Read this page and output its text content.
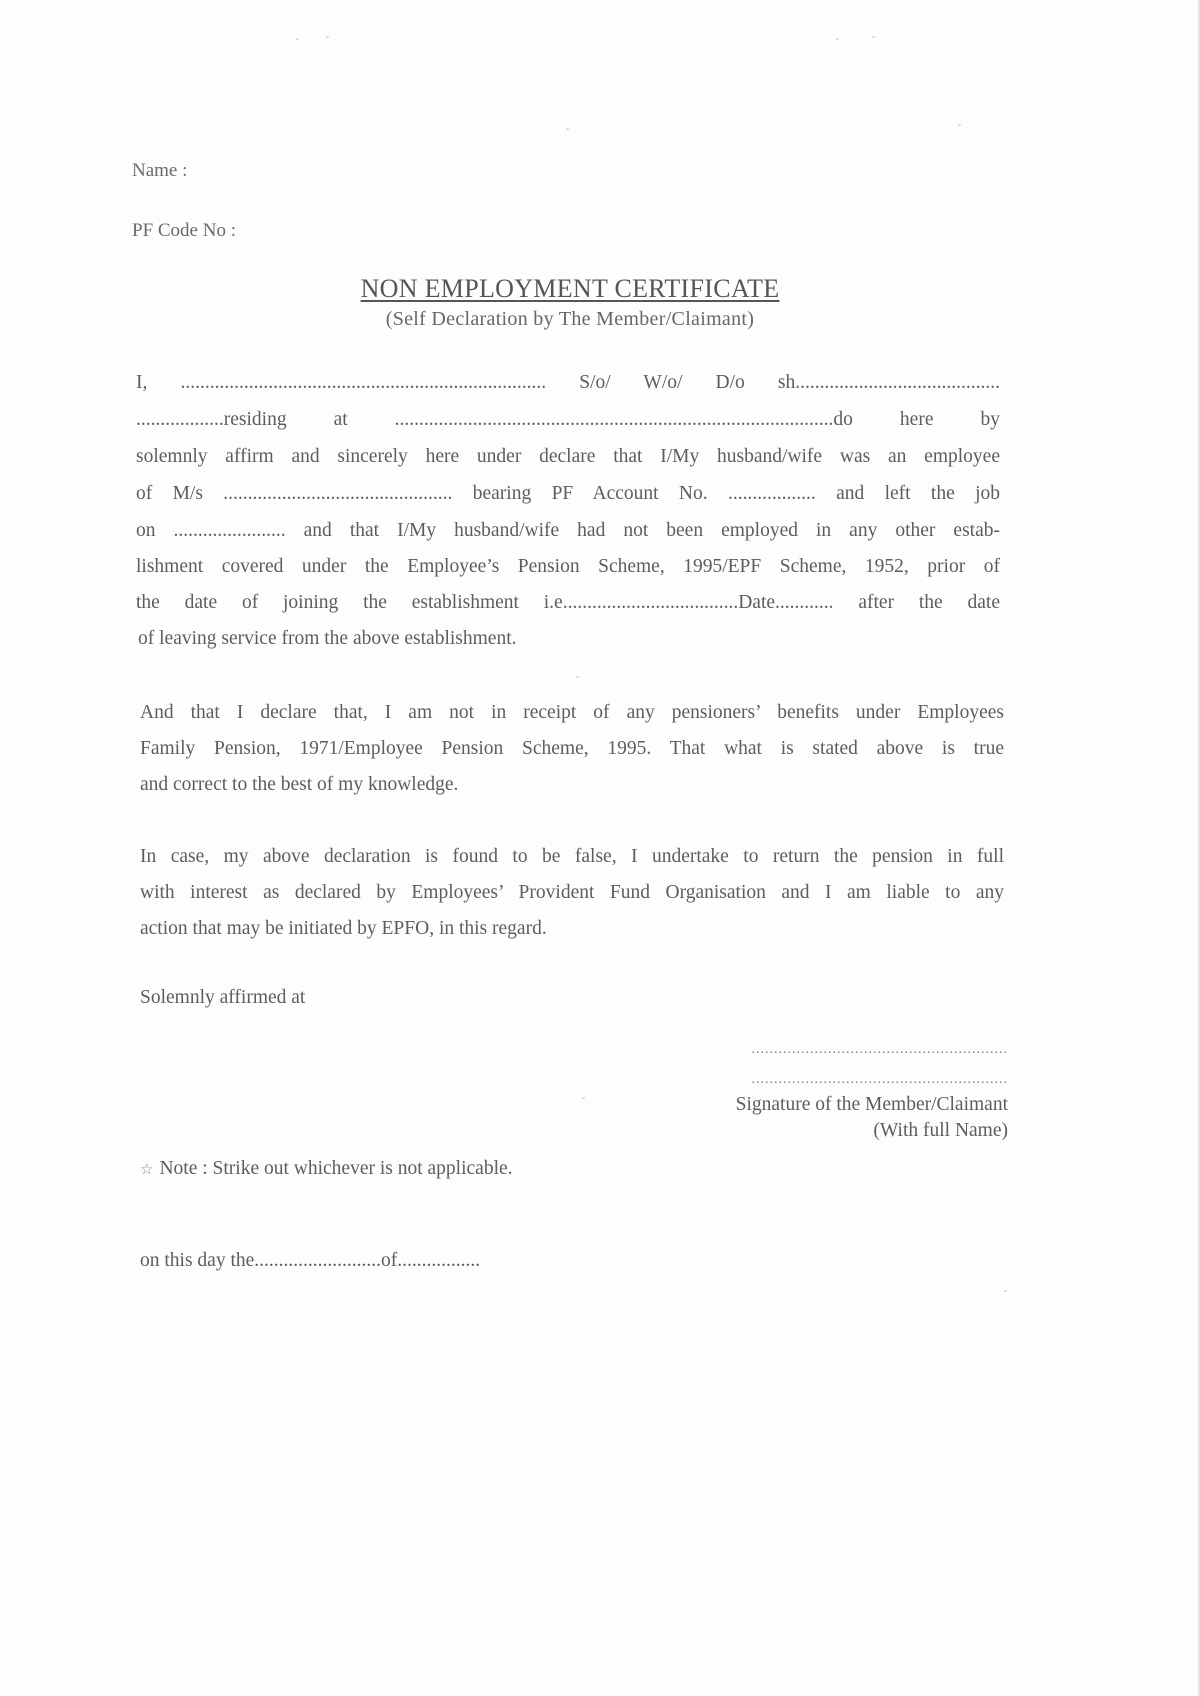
Name :
PF Code No :
NON EMPLOYMENT CERTIFICATE
(Self Declaration by The Member/Claimant)
I, ........................................................................... S/o/ W/o/ D/o sh..........................................
..................residing at ..........................................................................................do here by
solemnly affirm and sincerely here under declare that I/My husband/wife was an employee
of M/s ............................................... bearing PF Account No. .................. and left the job
on ....................... and that I/My husband/wife had not been employed in any other estab-
lishment covered under the Employee’s Pension Scheme, 1995/EPF Scheme, 1952, prior of
the date of joining the establishment i.e....................................Date............ after the date
of leaving service from the above establishment.
And that I declare that, I am not in receipt of any pensioners’ benefits under Employees
Family Pension, 1971/Employee Pension Scheme, 1995. That what is stated above is true
and correct to the best of my knowledge.
In case, my above declaration is found to be false, I undertake to return the pension in full
with interest as declared by Employees’ Provident Fund Organisation and I am liable to any
action that may be initiated by EPFO, in this regard.
Solemnly affirmed at
.........................................................
.........................................................
Signature of the Member/Claimant
(With full Name)
☆ Note : Strike out whichever is not applicable.
on this day the..........................of.................
